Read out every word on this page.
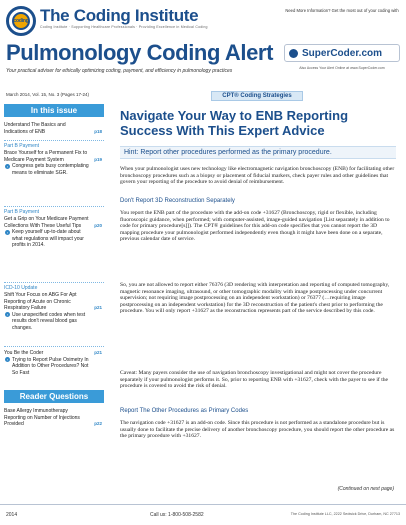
coding The Coding Institute
Coding Institute · Supporting Healthcare Professionals · Providing Excellence in Medical Coding
Pulmonology Coding Alert
Your practical adviser for ethically optimizing coding, payment, and efficiency in pulmonology practices
Need More Information? Get the most out of your coding with
SuperCoder.com
Also Access Your Alert Online at www.SuperCoder.com
March 2014, Vol. 15, No. 3 (Pages 17-24)
In this issue
Understand The Basics and Indications of ENB	p18
Part B Payment
Brace Yourself for a Permanent Fix to Medicare Payment System	p19
› Congress gets busy contemplating means to eliminate SGR.
Part B Payment
Get a Grip on Your Medicare Payment Collections With These Useful Tips	p20
› Keep yourself up-to-date about what regulations will impact your profits in 2014.
ICD-10 Update
Shift Your Focus on ABG For Apt Reporting of Acute on Chronic Respiratory Failure	p21
› Use unspecified codes when test results don't reveal blood gas changes.
You Be the Coder	p21
› Trying to Report Pulse Oximetry In Addition to Other Procedures? Not So Fast
Reader Questions
Base Allergy Immunotherapy Reporting on Number of Injections Provided	p22
CPT® Coding Strategies
Navigate Your Way to ENB Reporting Success With This Expert Advice
Hint: Report other procedures performed as the primary procedure.
When your pulmonologist uses new technology like electromagnetic navigation bronchoscopy (ENB) for facilitating other bronchoscopy procedures such as a biopsy or placement of fiducial markers, check payer rules and other guidelines that govern your reporting of the procedure to avoid denial of reimbursement.
Don't Report 3D Reconstruction Separately
You report the ENB part of the procedure with the add-on code +31627 (Bronchoscopy, rigid or flexible, including fluoroscopic guidance, when performed; with computer-assisted, image-guided navigation [List separately in addition to code for primary procedure[s]]). The CPT® guidelines for this add-on code specifies that you cannot report the 3D mapping procedure your pulmonologist performed independently even though it might have been done on a separate, previous calendar date of service.
So, you are not allowed to report either 76376 (3D rendering with interpretation and reporting of computed tomography, magnetic resonance imaging, ultrasound, or other tomographic modality with image postprocessing under concurrent supervision; not requiring image postprocessing on an independent workstation) or 76377 (…requiring image postprocessing on an independent workstation) for the 3D reconstruction of the patient's chest prior to performing the procedure. You will only report +31627 as the reconstruction represents part of the service described by this code.
Caveat: Many payers consider the use of navigation bronchoscopy investigational and might not cover the procedure separately if your pulmonologist performs it. So, prior to reporting ENB with +31627, check with the payer to see if the procedure is covered to avoid the risk of denial.
Report The Other Procedures as Primary Codes
The navigation code +31627 is an add-on code. Since this procedure is not performed as a standalone procedure but is usually done to facilitate the precise delivery of another bronchoscopy procedure, you should report the other procedure as the primary procedure with +31627.
(Continued on next page)
2014	Call us: 1-800-508-2582	The Coding Institute LLC, 2222 Sedwick Drive, Durham, NC 27713
